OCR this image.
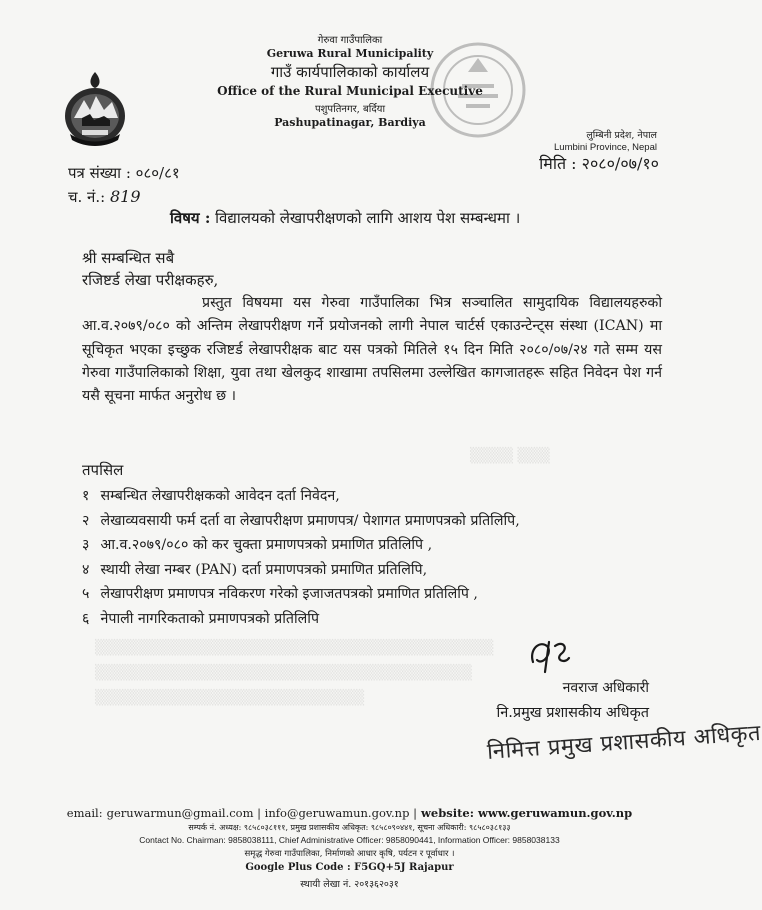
▒▒▒▒ ▒▒▒
▒▒▒▒▒▒▒▒▒▒▒▒▒▒▒▒▒▒▒▒▒▒▒▒▒▒▒▒▒▒▒▒▒▒▒▒▒
▒▒▒▒▒▒▒▒▒▒▒▒▒▒▒▒▒▒▒▒▒▒▒▒▒▒▒▒▒▒▒▒▒▒▒
▒▒▒▒▒▒▒▒▒▒▒▒▒▒▒▒▒▒▒▒▒▒▒▒▒
गेरुवा गाउँपालिका
Geruwa Rural Municipality
गाउँ कार्यपालिकाको कार्यालय
Office of the Rural Municipal Executive
पशुपतिनगर, बर्दिया
Pashupatinagar, Bardiya
लुम्बिनी प्रदेश, नेपाल
Lumbini Province, Nepal
पत्र संख्या : ०८०/८१
च. नं.: 819
मिति : २०८०/०७/१०
विषय : विद्यालयको लेखापरीक्षणको लागि आशय पेश सम्बन्धमा ।
श्री सम्बन्धित सबै
रजिष्टर्ड लेखा परीक्षकहरु,
प्रस्तुत विषयमा यस गेरुवा गाउँपालिका भित्र सञ्चालित सामुदायिक विद्यालयहरुको आ.व.२०७९/०८० को अन्तिम लेखापरीक्षण गर्ने प्रयोजनको लागी नेपाल चार्टर्स एकाउन्टेन्ट्स संस्था (ICAN) मा सूचिकृत भएका इच्छुक रजिष्टर्ड लेखापरीक्षक बाट यस पत्रको मितिले १५ दिन मिति २०८०/०७/२४ गते सम्म यस गेरुवा गाउँपालिकाको शिक्षा, युवा तथा खेलकुद शाखामा तपसिलमा उल्लेखित कागजातहरू सहित निवेदन पेश गर्न यसै सूचना मार्फत अनुरोध छ ।
तपसिल
१ सम्बन्धित लेखापरीक्षकको आवेदन दर्ता निवेदन,
२ लेखाव्यवसायी फर्म दर्ता वा लेखापरीक्षण प्रमाणपत्र/ पेशागत प्रमाणपत्रको प्रतिलिपि,
३ आ.व.२०७९/०८० को कर चुक्ता प्रमाणपत्रको प्रमाणित प्रतिलिपि ,
४ स्थायी लेखा नम्बर (PAN) दर्ता प्रमाणपत्रको प्रमाणित प्रतिलिपि,
५ लेखापरीक्षण प्रमाणपत्र नविकरण गरेको इजाजतपत्रको प्रमाणित प्रतिलिपि ,
६ नेपाली नागरिकताको प्रमाणपत्रको प्रतिलिपि
नवराज अधिकारी
नि.प्रमुख प्रशासकीय अधिकृत
निमित्त प्रमुख प्रशासकीय अधिकृत
email: geruwarmun@gmail.com | info@geruwamun.gov.np | website: www.geruwamun.gov.np
सम्पर्क नं. अध्यक्ष: ९८५८०३८१११, प्रमुख प्रशासकीय अधिकृत: ९८५८०९०४४१, सूचना अधिकारी: ९८५८०३८१३३
Contact No. Chairman: 9858038111, Chief Administrative Officer: 9858090441, Information Officer: 9858038133
समृद्ध गेरुवा गाउँपालिका, निर्माणको आधार कृषि, पर्यटन र पूर्वाधार ।
Google Plus Code : F5GQ+5J Rajapur
स्थायी लेखा नं. २०१३६२०३१
